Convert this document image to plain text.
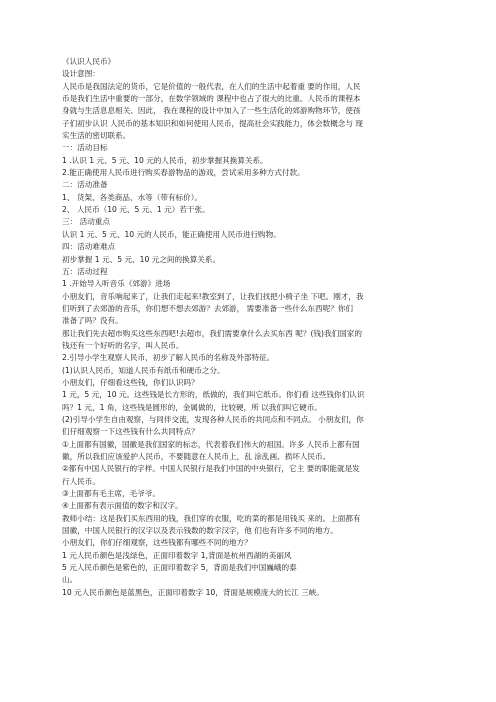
《认识人民币》

设计意图：

人民币是我国法定的货币，它是价值的一般代表，在人们的生活中起着重 要的作用，人民

币是我们生活中重要的一部分，在数学领域的 课程中也占了很大的比重。人民币的课程本

身就与生活息息相关、因此， 我在课程的设计中加入了一些生活化的郊游购物环节，使孩

子们初步认识 人民币的基本知识和如何使用人民币，提高社会实践能力，体会数概念与 现

实生活的密切联系。

一：活动目标

1 .认识 1 元、5 元、10 元的人民币，初步掌握其换算关系。

2.能正确使用人民币进行购买春游物品的游戏，尝试采用多种方式付款。

二：活动准备

1、 货架、各类商品、水等（带有标价）。

2、 人民币（10 元、5 元、1 元）若干张。

三： 活动重点

认识 1 元、5 元、10 元的人民币，能正确使用人民币进行购物。

四：活动难难点

初步掌握 1 元、5 元、10 元之间的换算关系。

五：活动过程

1 .开始导入听音乐《郊游》进场

小朋友们，音乐响起来了，让我们走起来!教室到了，让我们找把小椅子坐 下吧。刚才，我

们听到了去郊游的音乐，你们想不想去郊游？去郊游， 需要准备一些什么东西呢？你们

准备了吗？没有。

那让我们先去超市购买这些东西吧!去超市，我们需要拿什么去买东西 呢？(钱)我们国家的

钱还有一个好听的名字，叫人民币。

2.引导小学生观察人民币，初步了解人民币的名称及外部特征。

(1)认识人民币，知道人民币有纸币和硬币之分。

小朋友们，仔细看这些钱，你们认识吗？

1 元，5 元，10 元。这些钱是长方形的，纸做的，我们叫它纸币。你们看 这些钱你们认识

吗？1 元，1 角，这些钱是圆形的，金属做的，比较硬，所 以我们叫它硬币。

(2)引导小学生自由观察，与同伴交流，发现各种人民币的共同点和不同点。 小朋友们，你

们仔细观察一下这些钱有什么共同特点？

①上面都有国徽，国徽是我们国家的标志，代表着我们伟大的祖国。许多 人民币上都有国

徽，所以我们应该爱护人民币，不要随意在人民币上，乱 涂乱画、损坏人民币。

②都有中国人民银行的字样。中国人民银行是我们中国的中央银行，它主 要的职能就是发

行人民币。

③上面都有毛主席，毛爷爷。

④上面都有表示面值的数字和汉字。

教师小结：这是我们买东西用的钱，我们穿的衣服，吃的菜的都是用钱买 来的。上面都有

国徽，中国人民银行的汉字以及表示钱数的数字汉字，他 们也有许多不同的地方。

小朋友们，你们仔细观察，这些钱都有哪些不同的地方？

1 元人民币颜色是浅绿色，正面印着数字 1,背面是杭州西湖的美丽风

5 元人民币颜色是紫色的，正面印着数字 5，背面是我们中国巍峨的泰

山。

10 元人民币颜色是蓝黑色，正面印着数字 10，背面是规模庞大的长江 三峡。
